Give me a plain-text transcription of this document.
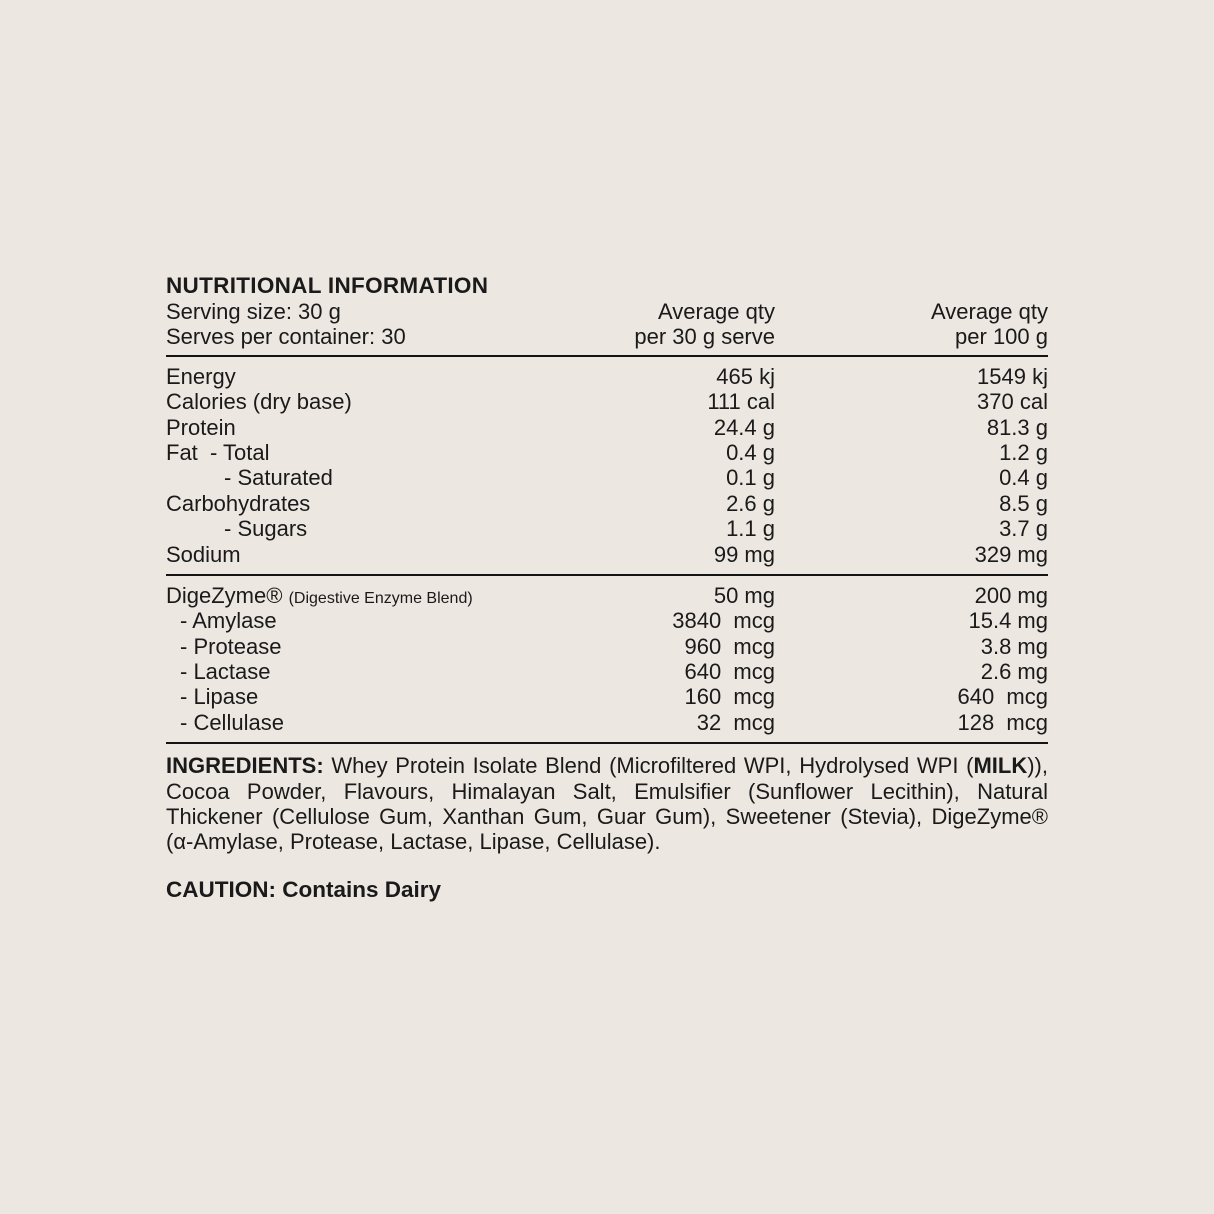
NUTRITIONAL INFORMATION
Serving size: 30 g	Average qty	Average qty
Serves per container: 30	per 30 g serve	per 100 g
Energy	465 kj	1549 kj
Calories (dry base)	111 cal	370 cal
Protein	24.4 g	81.3 g
Fat  - Total	0.4 g	1.2 g
- Saturated	0.1 g	0.4 g
Carbohydrates	2.6 g	8.5 g
- Sugars	1.1 g	3.7 g
Sodium	99 mg	329 mg
DigeZyme® (Digestive Enzyme Blend)	50 mg	200 mg
- Amylase	3840  mcg	15.4 mg
- Protease	960  mcg	3.8 mg
- Lactase	640  mcg	2.6 mg
- Lipase	160  mcg	640  mcg
- Cellulase	32  mcg	128  mcg
INGREDIENTS: Whey Protein Isolate Blend (Microfiltered WPI, Hydrolysed WPI (MILK)), Cocoa Powder, Flavours, Himalayan Salt, Emulsifier (Sunflower Lecithin), Natural Thickener (Cellulose Gum, Xanthan Gum, Guar Gum), Sweetener (Stevia), DigeZyme® (α-Amylase, Protease, Lactase, Lipase, Cellulase).
CAUTION: Contains Dairy
